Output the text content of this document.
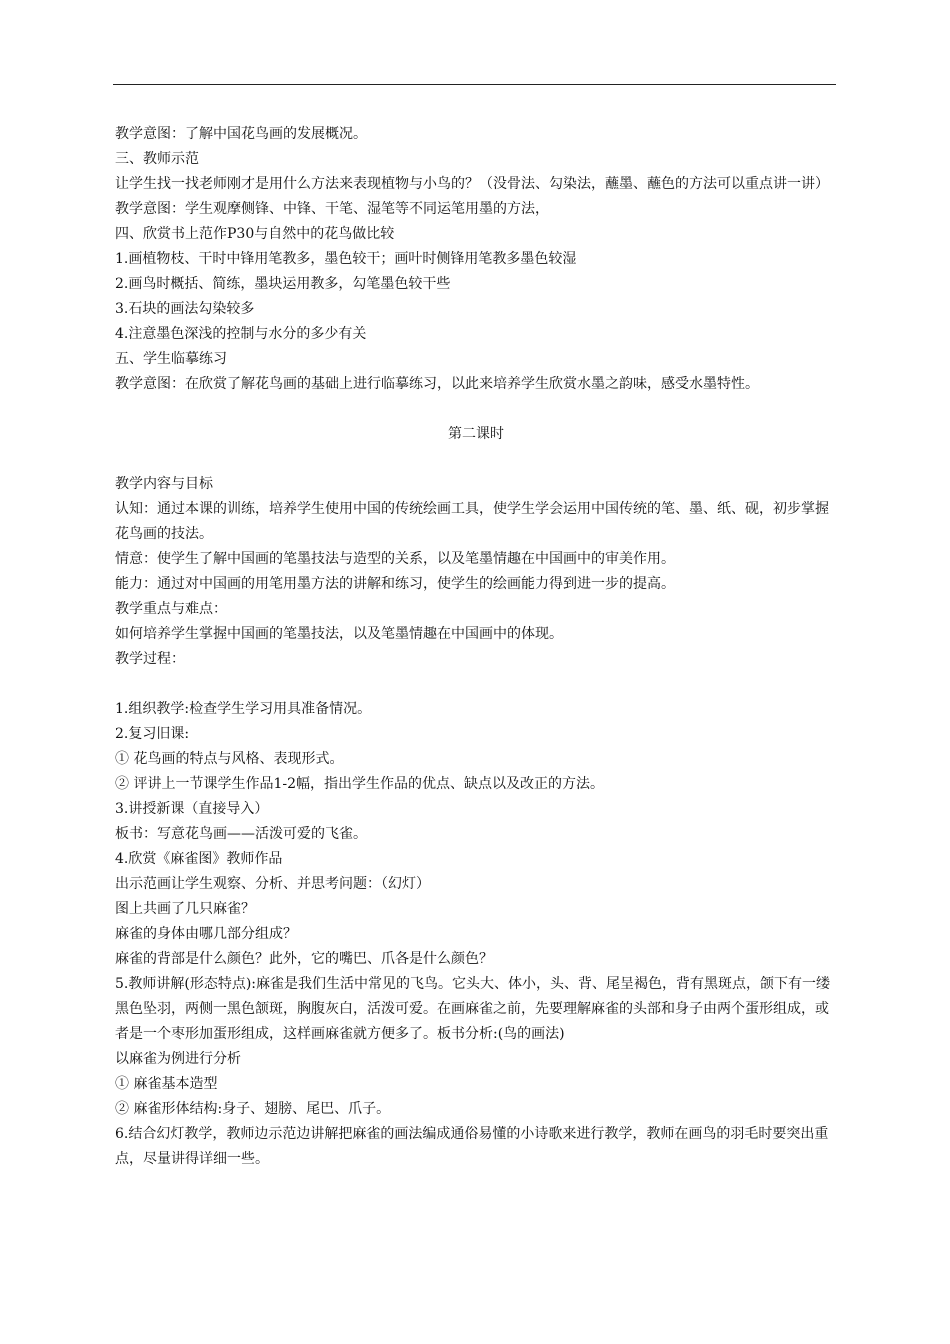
教学意图：了解中国花鸟画的发展概况。
三、教师示范
让学生找一找老师刚才是用什么方法来表现植物与小鸟的？（没骨法、勾染法，蘸墨、蘸色的方法可以重点讲一讲）
教学意图：学生观摩侧锋、中锋、干笔、湿笔等不同运笔用墨的方法，
四、欣赏书上范作P30与自然中的花鸟做比较
1.画植物枝、干时中锋用笔教多，墨色较干；画叶时侧锋用笔教多墨色较湿
2.画鸟时概括、简练，墨块运用教多，勾笔墨色较干些
3.石块的画法勾染较多
4.注意墨色深浅的控制与水分的多少有关
五、学生临摹练习
教学意图：在欣赏了解花鸟画的基础上进行临摹练习，以此来培养学生欣赏水墨之韵味，感受水墨特性。
第二课时
教学内容与目标
认知：通过本课的训练，培养学生使用中国的传统绘画工具，使学生学会运用中国传统的笔、墨、纸、砚，初步掌握花鸟画的技法。
情意：使学生了解中国画的笔墨技法与造型的关系，以及笔墨情趣在中国画中的审美作用。
能力：通过对中国画的用笔用墨方法的讲解和练习，使学生的绘画能力得到进一步的提高。
教学重点与难点：
如何培养学生掌握中国画的笔墨技法，以及笔墨情趣在中国画中的体现。
教学过程：
1.组织教学:检查学生学习用具准备情况。
2.复习旧课:
① 花鸟画的特点与风格、表现形式。
② 评讲上一节课学生作品1-2幅，指出学生作品的优点、缺点以及改正的方法。
3.讲授新课（直接导入）
板书：写意花鸟画——活泼可爱的飞雀。
4.欣赏《麻雀图》教师作品
出示范画让学生观察、分析、并思考问题：（幻灯）
图上共画了几只麻雀？
麻雀的身体由哪几部分组成？
麻雀的背部是什么颜色？此外，它的嘴巴、爪各是什么颜色？
5.教师讲解(形态特点):麻雀是我们生活中常见的飞鸟。它头大、体小，头、背、尾呈褐色，背有黑斑点，颌下有一缕黑色坠羽，两侧一黑色颔斑，胸腹灰白，活泼可爱。在画麻雀之前，先要理解麻雀的头部和身子由两个蛋形组成，或者是一个枣形加蛋形组成，这样画麻雀就方便多了。板书分析:(鸟的画法)
以麻雀为例进行分析
① 麻雀基本造型
② 麻雀形体结构:身子、翅膀、尾巴、爪子。
6.结合幻灯教学，教师边示范边讲解把麻雀的画法编成通俗易懂的小诗歌来进行教学，教师在画鸟的羽毛时要突出重点，尽量讲得详细一些。
